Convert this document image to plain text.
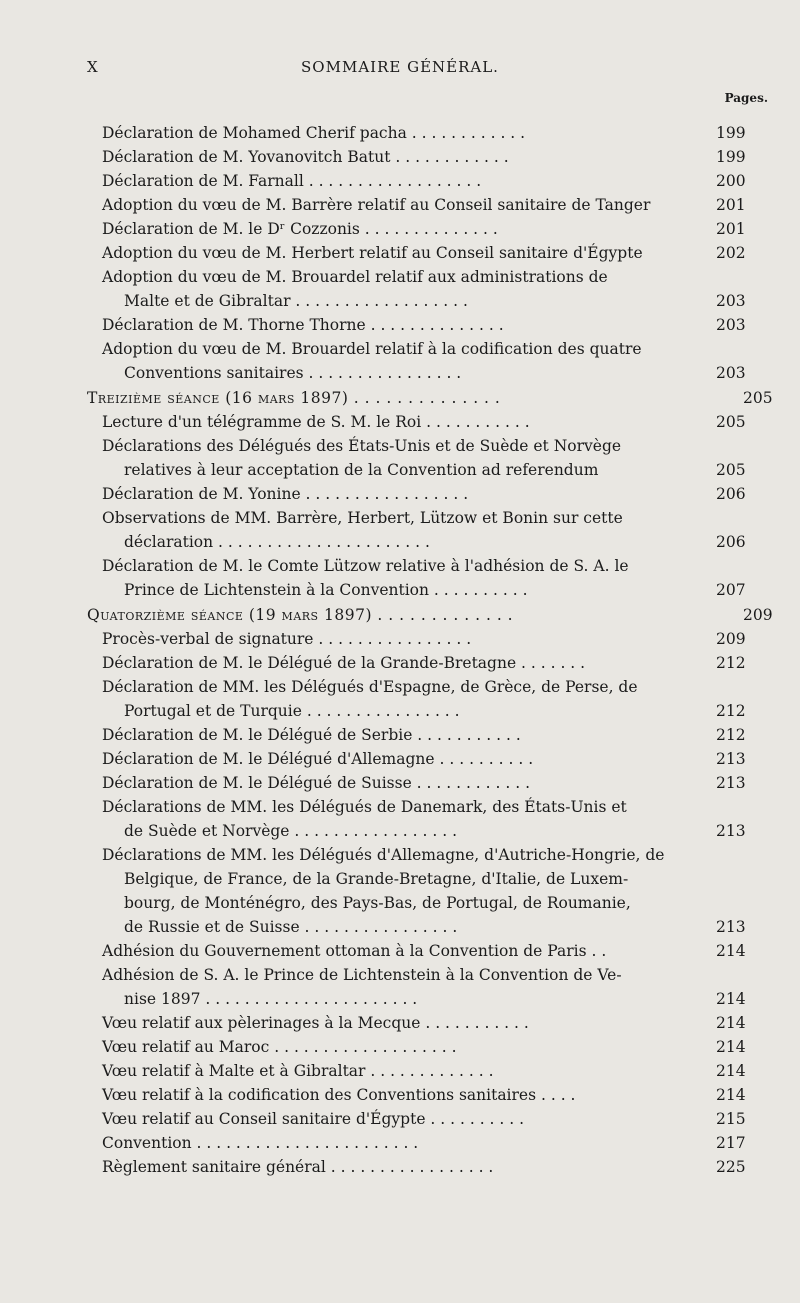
X	SOMMAIRE GÉNÉRAL.
Pages.
Déclaration de Mohamed Cherif pacha . . . . . . . . . . . .	199
Déclaration de M. Yovanovitch Batut . . . . . . . . . . . .	199
Déclaration de M. Farnall . . . . . . . . . . . . . . . . . .	200
Adoption du vœu de M. Barrère relatif au Conseil sanitaire de Tanger	201
Déclaration de M. le Dʳ Cozzonis . . . . . . . . . . . . . .	201
Adoption du vœu de M. Herbert relatif au Conseil sanitaire d'Égypte	202
Adoption du vœu de M. Brouardel relatif aux administrations de
Malte et de Gibraltar . . . . . . . . . . . . . . . . . .	203
Déclaration de M. Thorne Thorne . . . . . . . . . . . . . .	203
Adoption du vœu de M. Brouardel relatif à la codification des quatre
Conventions sanitaires . . . . . . . . . . . . . . . .	203
Treizième séance (16 mars 1897) . . . . . . . . . . . . . .	205
Lecture d'un télégramme de S. M. le Roi . . . . . . . . . . .	205
Déclarations des Délégués des États-Unis et de Suède et Norvège
relatives à leur acceptation de la Convention ad referendum	205
Déclaration de M. Yonine . . . . . . . . . . . . . . . . .	206
Observations de MM. Barrère, Herbert, Lützow et Bonin sur cette
déclaration . . . . . . . . . . . . . . . . . . . . . .	206
Déclaration de M. le Comte Lützow relative à l'adhésion de S. A. le
Prince de Lichtenstein à la Convention . . . . . . . . . .	207
Quatorzième séance (19 mars 1897) . . . . . . . . . . . . .	209
Procès-verbal de signature . . . . . . . . . . . . . . . .	209
Déclaration de M. le Délégué de la Grande-Bretagne . . . . . . .	212
Déclaration de MM. les Délégués d'Espagne, de Grèce, de Perse, de
Portugal et de Turquie . . . . . . . . . . . . . . . .	212
Déclaration de M. le Délégué de Serbie . . . . . . . . . . .	212
Déclaration de M. le Délégué d'Allemagne . . . . . . . . . .	213
Déclaration de M. le Délégué de Suisse . . . . . . . . . . . .	213
Déclarations de MM. les Délégués de Danemark, des États-Unis et
de Suède et Norvège . . . . . . . . . . . . . . . . .	213
Déclarations de MM. les Délégués d'Allemagne, d'Autriche-Hongrie, de
Belgique, de France, de la Grande-Bretagne, d'Italie, de Luxem-
bourg, de Monténégro, des Pays-Bas, de Portugal, de Roumanie,
de Russie et de Suisse . . . . . . . . . . . . . . . .	213
Adhésion du Gouvernement ottoman à la Convention de Paris . .	214
Adhésion de S. A. le Prince de Lichtenstein à la Convention de Ve-
nise 1897 . . . . . . . . . . . . . . . . . . . . . .	214
Vœu relatif aux pèlerinages à la Mecque . . . . . . . . . . .	214
Vœu relatif au Maroc . . . . . . . . . . . . . . . . . . .	214
Vœu relatif à Malte et à Gibraltar . . . . . . . . . . . . .	214
Vœu relatif à la codification des Conventions sanitaires . . . .	214
Vœu relatif au Conseil sanitaire d'Égypte . . . . . . . . . .	215
Convention . . . . . . . . . . . . . . . . . . . . . . .	217
Règlement sanitaire général . . . . . . . . . . . . . . . . .	225
